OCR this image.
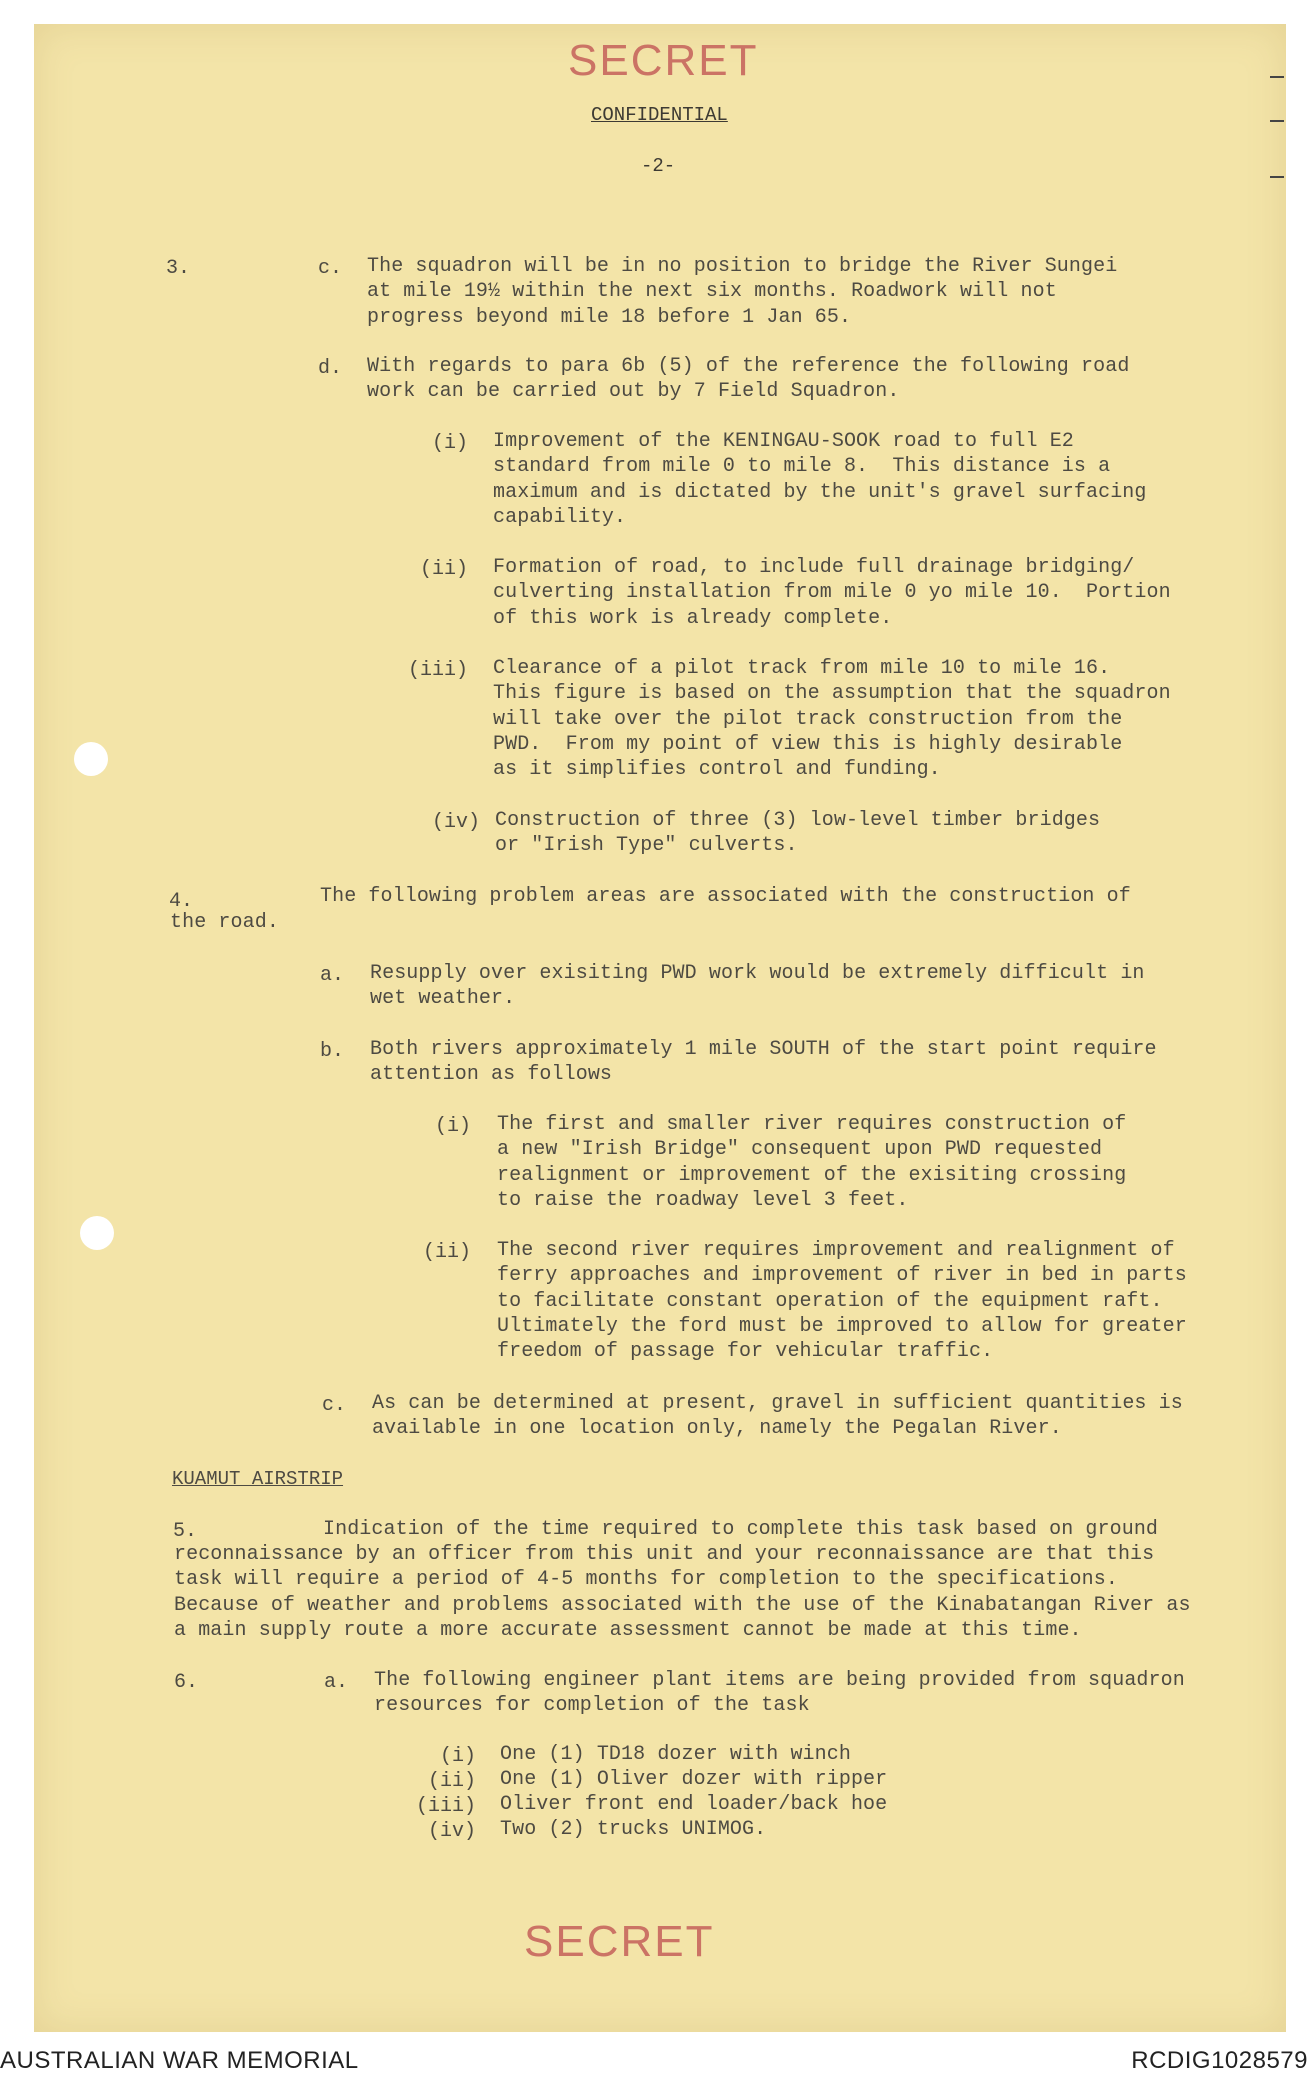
SECRET
CONFIDENTIAL
-2-
3.	c. The squadron will be in no position to bridge the River Sungei
at mile 19½ within the next six months. Roadwork will not
progress beyond mile 18 before 1 Jan 65.
d. With regards to para 6b (5) of the reference the following road
work can be carried out by 7 Field Squadron.
(i) Improvement of the KENINGAU-SOOK road to full E2
standard from mile 0 to mile 8.  This distance is a
maximum and is dictated by the unit's gravel surfacing
capability.
(ii) Formation of road, to include full drainage bridging/
culverting installation from mile 0 yo mile 10.  Portion
of this work is already complete.
(iii) Clearance of a pilot track from mile 10 to mile 16.
This figure is based on the assumption that the squadron
will take over the pilot track construction from the
PWD.  From my point of view this is highly desirable
as it simplifies control and funding.
(iv) Construction of three (3) low-level timber bridges
or "Irish Type" culverts.
4.	The following problem areas are associated with the construction of
the road.
a. Resupply over exisiting PWD work would be extremely difficult in
wet weather.
b. Both rivers approximately 1 mile SOUTH of the start point require
attention as follows
(i) The first and smaller river requires construction of
a new "Irish Bridge" consequent upon PWD requested
realignment or improvement of the exisiting crossing
to raise the roadway level 3 feet.
(ii) The second river requires improvement and realignment of
ferry approaches and improvement of river in bed in parts
to facilitate constant operation of the equipment raft.
Ultimately the ford must be improved to allow for greater
freedom of passage for vehicular traffic.
c. As can be determined at present, gravel in sufficient quantities is
available in one location only, namely the Pegalan River.
KUAMUT AIRSTRIP
5.	Indication of the time required to complete this task based on ground
reconnaissance by an officer from this unit and your reconnaissance are that this
task will require a period of 4-5 months for completion to the specifications.
Because of weather and problems associated with the use of the Kinabatangan River as
a main supply route a more accurate assessment cannot be made at this time.
6.	a. The following engineer plant items are being provided from squadron
resources for completion of the task
(i) One (1) TD18 dozer with winch
(ii) One (1) Oliver dozer with ripper
(iii) Oliver front end loader/back hoe
(iv) Two (2) trucks UNIMOG.
SECRET
AUSTRALIAN WAR MEMORIAL	RCDIG1028579
